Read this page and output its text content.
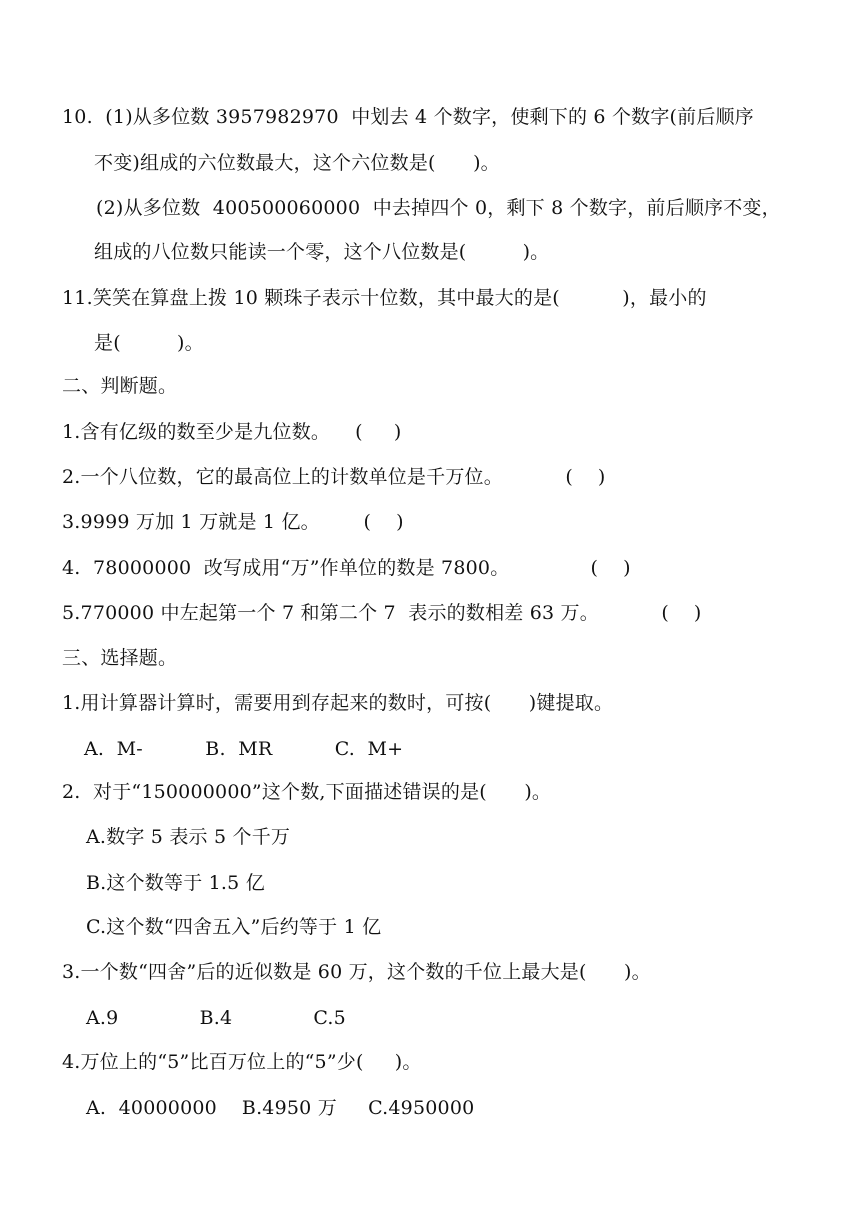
10.  (1)从多位数 3957982970  中划去 4 个数字，使剩下的 6 个数字(前后顺序
不变)组成的六位数最大，这个六位数是(      )。
(2)从多位数  400500060000  中去掉四个 0，剩下 8 个数字，前后顺序不变，
组成的八位数只能读一个零，这个八位数是(         )。
11.笑笑在算盘上拨 10 颗珠子表示十位数，其中最大的是(          )，最小的
是(         )。
二、判断题。
1.含有亿级的数至少是九位数。    (     )
2.一个八位数，它的最高位上的计数单位是千万位。          (    )
3.9999 万加 1 万就是 1 亿。       (    )
4.  78000000  改写成用“万”作单位的数是 7800。             (    )
5.770000 中左起第一个 7 和第二个 7  表示的数相差 63 万。          (    )
三、选择题。
1.用计算器计算时，需要用到存起来的数时，可按(      )键提取。
A.  M-          B.  MR          C.  M+
2.  对于“150000000”这个数,下面描述错误的是(      )。
A.数字 5 表示 5 个千万
B.这个数等于 1.5 亿
C.这个数“四舍五入”后约等于 1 亿
3.一个数“四舍”后的近似数是 60 万，这个数的千位上最大是(      )。
A.9             B.4             C.5
4.万位上的“5”比百万位上的“5”少(     )。
A.  40000000    B.4950 万     C.4950000
